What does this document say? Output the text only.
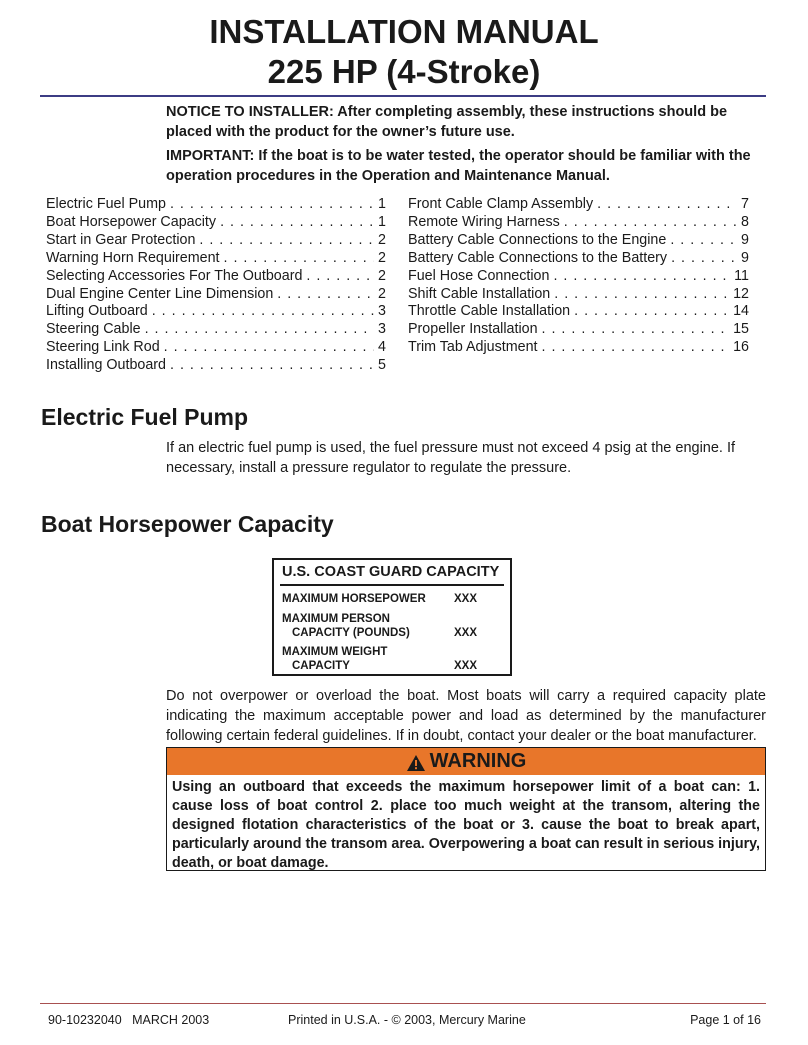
INSTALLATION MANUAL
225 HP (4-Stroke)

NOTICE TO INSTALLER: After completing assembly, these instructions should be placed with the product for the owner’s future use.

IMPORTANT: If the boat is to be water tested, the operator should be familiar with the operation procedures in the Operation and Maintenance Manual.

Electric Fuel Pump . . .	1
Boat Horsepower Capacity . . .	1
Start in Gear Protection . . .	2
Warning Horn Requirement . . .	2
Selecting Accessories For The Outboard . . .	2
Dual Engine Center Line Dimension . . .	2
Lifting Outboard . . .	3
Steering Cable . . .	3
Steering Link Rod . . .	4
Installing Outboard . . .	5
Front Cable Clamp Assembly . . .	7
Remote Wiring Harness . . .	8
Battery Cable Connections to the Engine . . .	9
Battery Cable Connections to the Battery . . .	9
Fuel Hose Connection . . .	11
Shift Cable Installation . . .	12
Throttle Cable Installation . . .	14
Propeller Installation . . .	15
Trim Tab Adjustment . . .	16
Electric Fuel Pump

If an electric fuel pump is used, the fuel pressure must not exceed 4 psig at the engine. If necessary, install a pressure regulator to regulate the pressure.

Boat Horsepower Capacity
U.S. COAST GUARD CAPACITY
MAXIMUM HORSEPOWER XXX
MAXIMUM PERSON
CAPACITY (POUNDS)	XXX
MAXIMUM WEIGHT
CAPACITY	XXX

Do not overpower or overload the boat. Most boats will carry a required capacity plate indicating the maximum acceptable power and load as determined by the manufacturer following certain federal guidelines. If in doubt, contact your dealer or the boat manufacturer.

WARNING

Using an outboard that exceeds the maximum horsepower limit of a boat can: 1. cause loss of boat control 2. place too much weight at the transom, altering the designed flotation characteristics of the boat or 3. cause the boat to break apart, particularly around the transom area. Overpowering a boat can result in serious injury, death, or boat damage.

90-10232040   MARCH 2003	Printed in U.S.A. - © 2003, Mercury Marine	Page 1 of 16
